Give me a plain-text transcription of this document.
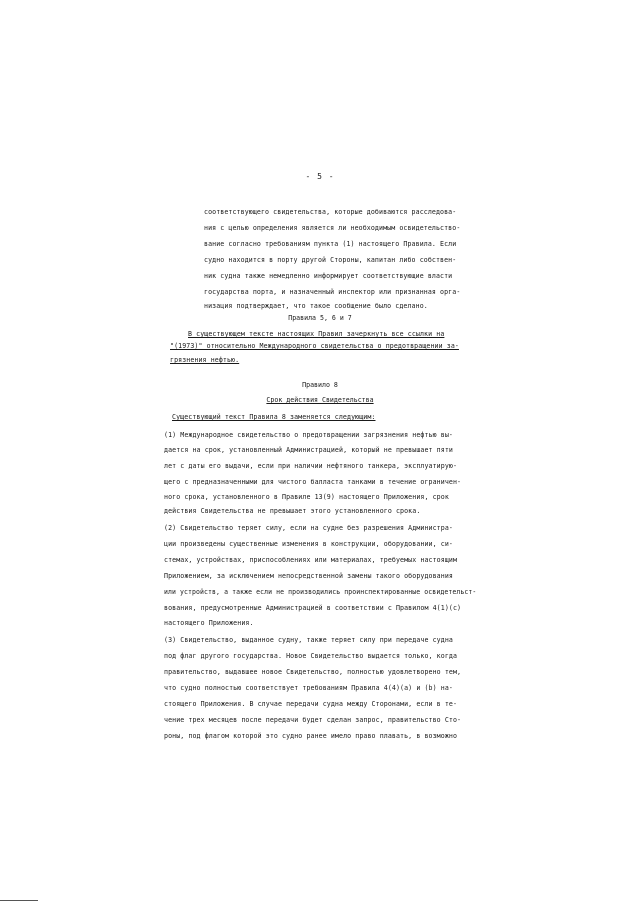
- 5 -
соответствующего свидетельства, которые добиваются расследова-
ния с целью определения является ли необходимым освидетельство-
вание согласно требованиям пункта (1) настоящего Правила. Если
судно находится в порту другой Стороны, капитан либо собствен-
ник судна также немедленно информирует соответствующие власти
государства порта, и назначенный инспектор или признанная орга-
низация подтверждает, что такое сообщение было сделано.
Правила 5, 6 и 7
В существующем тексте настоящих Правил зачеркнуть все ссылки на
"(1973)" относительно Международного свидетельства о предотвращении за-
грязнения нефтью.
Правило 8
Срок действия Свидетельства
Существующий текст Правила 8 заменяется следующим:
(1) Международное свидетельство о предотвращении загрязнения нефтью вы-
дается на срок, установленный Администрацией, который не превышает пяти
лет с даты его выдачи, если при наличии нефтяного танкера, эксплуатирую-
щего с предназначенными для чистого балласта танками в течение ограничен-
ного срока, установленного в Правиле 13(9) настоящего Приложения, срок
действия Свидетельства не превышает этого установленного срока.
(2) Свидетельство теряет силу, если на судне без разрешения Администра-
ции произведены существенные изменения в конструкции, оборудовании, си-
стемах, устройствах, приспособлениях или материалах, требуемых настоящим
Приложением, за исключением непосредственной замены такого оборудования
или устройств, а также если не производились проинспектированные освидетельст-
вования, предусмотренные Администрацией в соответствии с Правилом 4(1)(c)
настоящего Приложения.
(3) Свидетельство, выданное судну, также теряет силу при передаче судна
под флаг другого государства. Новое Свидетельство выдается только, когда
правительство, выдавшее новое Свидетельство, полностью удовлетворено тем,
что судно полностью соответствует требованиям Правила 4(4)(a) и (b) на-
стоящего Приложения. В случае передачи судна между Сторонами, если в те-
чение трех месяцев после передачи будет сделан запрос, правительство Сто-
роны, под флагом которой это судно ранее имело право плавать, в возможно
